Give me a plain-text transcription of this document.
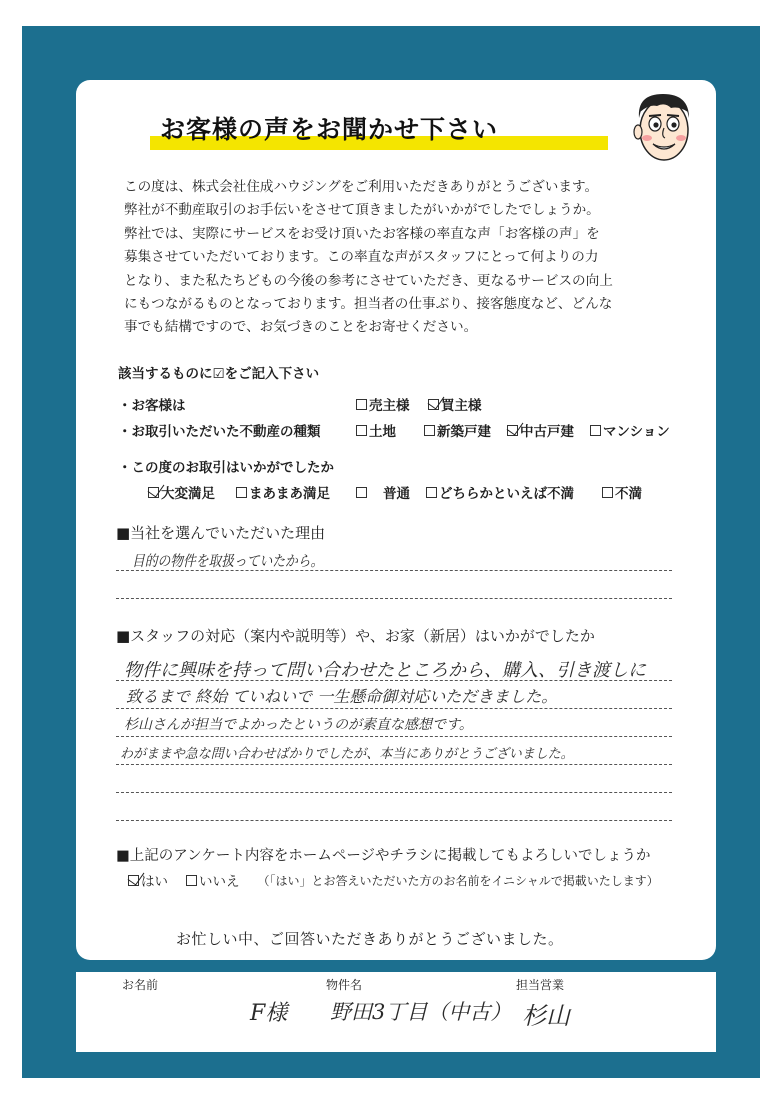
お客様の声をお聞かせ下さい
この度は、株式会社住成ハウジングをご利用いただきありがとうございます。
弊社が不動産取引のお手伝いをさせて頂きましたがいかがでしたでしょうか。
弊社では、実際にサービスをお受け頂いたお客様の率直な声「お客様の声」を
募集させていただいております。この率直な声がスタッフにとって何よりの力
となり、また私たちどもの今後の参考にさせていただき、更なるサービスの向上
にもつながるものとなっております。担当者の仕事ぶり、接客態度など、どんな
事でも結構ですので、お気づきのことをお寄せください。
該当するものに☑をご記入下さい
・お客様は	売主様 買主様
・お取引いただいた不動産の種類	土地	新築戸建 中古戸建 マンション
・この度のお取引はいかがでしたか
大変満足	まあまあ満足	普通 どちらかといえば不満	不満
■当社を選んでいただいた理由
目的の物件を取扱っていたから。
■スタッフの対応（案内や説明等）や、お家（新居）はいかがでしたか
物件に興味を持って問い合わせたところから、購入、引き渡しに
致るまで 終始 ていねいで 一生懸命御対応いただきました。
杉山さんが担当でよかったというのが素直な感想です。
わがままや急な問い合わせばかりでしたが、本当にありがとうございました。
■上記のアンケート内容をホームページやチラシに掲載してもよろしいでしょうか
はい いいえ （「はい」とお答えいただいた方のお名前をイニシャルで掲載いたします）
お忙しい中、ご回答いただきありがとうございました。
お名前	物件名	担当営業
F様 野田3丁目（中古） 杉山
